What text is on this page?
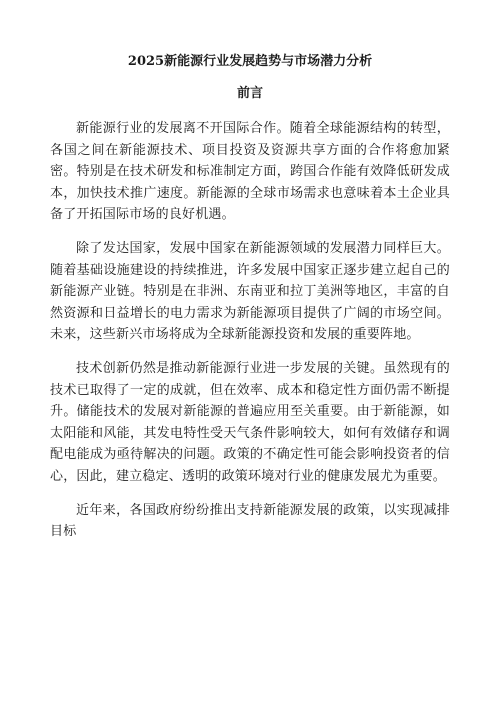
2025新能源行业发展趋势与市场潜力分析
前言

新能源行业的发展离不开国际合作。随着全球能源结构的转型，各国之间在新能源技术、项目投资及资源共享方面的合作将愈加紧密。特别是在技术研发和标准制定方面，跨国合作能有效降低研发成本，加快技术推广速度。新能源的全球市场需求也意味着本土企业具备了开拓国际市场的良好机遇。

除了发达国家，发展中国家在新能源领域的发展潜力同样巨大。随着基础设施建设的持续推进，许多发展中国家正逐步建立起自己的新能源产业链。特别是在非洲、东南亚和拉丁美洲等地区，丰富的自然资源和日益增长的电力需求为新能源项目提供了广阔的市场空间。未来，这些新兴市场将成为全球新能源投资和发展的重要阵地。

技术创新仍然是推动新能源行业进一步发展的关键。虽然现有的技术已取得了一定的成就，但在效率、成本和稳定性方面仍需不断提升。储能技术的发展对新能源的普遍应用至关重要。由于新能源，如太阳能和风能，其发电特性受天气条件影响较大，如何有效储存和调配电能成为亟待解决的问题。政策的不确定性可能会影响投资者的信心，因此，建立稳定、透明的政策环境对行业的健康发展尤为重要。

近年来，各国政府纷纷推出支持新能源发展的政策，以实现减排目标
